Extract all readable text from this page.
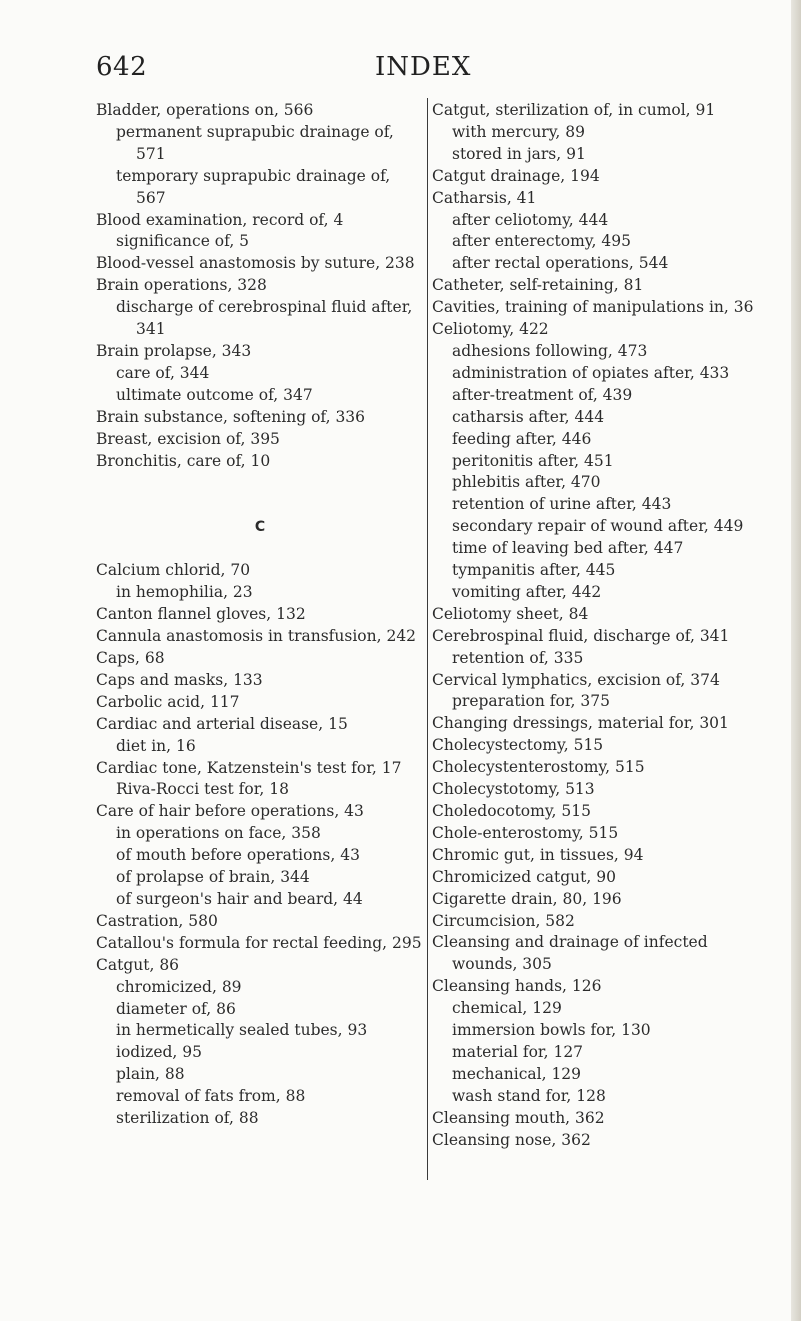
642	INDEX
Bladder, operations on, 566
permanent suprapubic drainage of, 571
temporary suprapubic drainage of, 567
Blood examination, record of, 4
significance of, 5
Blood-vessel anastomosis by suture, 238
Brain operations, 328
discharge of cerebrospinal fluid after, 341
Brain prolapse, 343
care of, 344
ultimate outcome of, 347
Brain substance, softening of, 336
Breast, excision of, 395
Bronchitis, care of, 10
C
Calcium chlorid, 70
in hemophilia, 23
Canton flannel gloves, 132
Cannula anastomosis in transfusion, 242
Caps, 68
Caps and masks, 133
Carbolic acid, 117
Cardiac and arterial disease, 15
diet in, 16
Cardiac tone, Katzenstein's test for, 17
Riva-Rocci test for, 18
Care of hair before operations, 43
in operations on face, 358
of mouth before operations, 43
of prolapse of brain, 344
of surgeon's hair and beard, 44
Castration, 580
Catallou's formula for rectal feeding, 295
Catgut, 86
chromicized, 89
diameter of, 86
in hermetically sealed tubes, 93
iodized, 95
plain, 88
removal of fats from, 88
sterilization of, 88
Catgut, sterilization of, in cumol, 91
with mercury, 89
stored in jars, 91
Catgut drainage, 194
Catharsis, 41
after celiotomy, 444
after enterectomy, 495
after rectal operations, 544
Catheter, self-retaining, 81
Cavities, training of manipulations in, 36
Celiotomy, 422
adhesions following, 473
administration of opiates after, 433
after-treatment of, 439
catharsis after, 444
feeding after, 446
peritonitis after, 451
phlebitis after, 470
retention of urine after, 443
secondary repair of wound after, 449
time of leaving bed after, 447
tympanitis after, 445
vomiting after, 442
Celiotomy sheet, 84
Cerebrospinal fluid, discharge of, 341
retention of, 335
Cervical lymphatics, excision of, 374
preparation for, 375
Changing dressings, material for, 301
Cholecystectomy, 515
Cholecystenterostomy, 515
Cholecystotomy, 513
Choledocotomy, 515
Chole-enterostomy, 515
Chromic gut, in tissues, 94
Chromicized catgut, 90
Cigarette drain, 80, 196
Circumcision, 582
Cleansing and drainage of infected wounds, 305
Cleansing hands, 126
chemical, 129
immersion bowls for, 130
material for, 127
mechanical, 129
wash stand for, 128
Cleansing mouth, 362
Cleansing nose, 362
